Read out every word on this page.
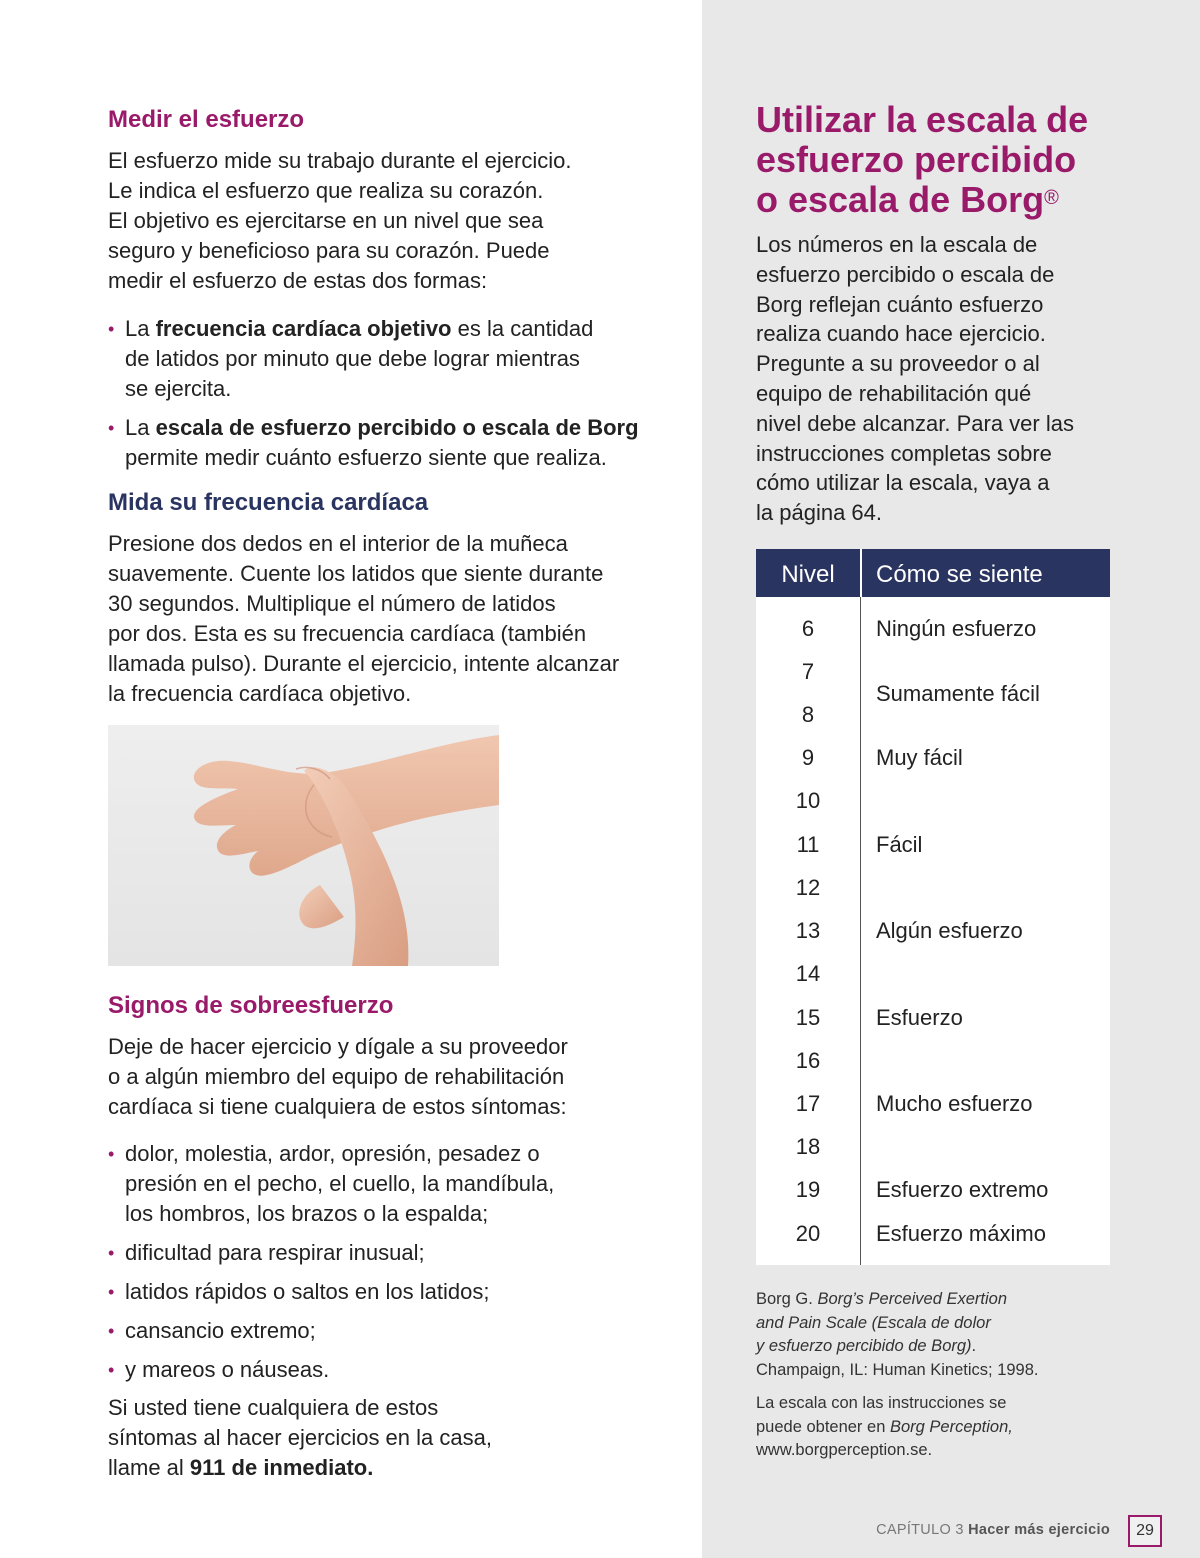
Medir el esfuerzo

El esfuerzo mide su trabajo durante el ejercicio.
Le indica el esfuerzo que realiza su corazón.
El objetivo es ejercitarse en un nivel que sea
seguro y beneficioso para su corazón. Puede
medir el esfuerzo de estas dos formas:

• La frecuencia cardíaca objetivo es la cantidad
de latidos por minuto que debe lograr mientras
se ejercita.
• La escala de esfuerzo percibido o escala de Borg
permite medir cuánto esfuerzo siente que realiza.
Mida su frecuencia cardíaca

Presione dos dedos en el interior de la muñeca
suavemente. Cuente los latidos que siente durante
30 segundos. Multiplique el número de latidos
por dos. Esta es su frecuencia cardíaca (también
llamada pulso). Durante el ejercicio, intente alcanzar
la frecuencia cardíaca objetivo.

Signos de sobreesfuerzo

Deje de hacer ejercicio y dígale a su proveedor
o a algún miembro del equipo de rehabilitación
cardíaca si tiene cualquiera de estos síntomas:

• dolor, molestia, ardor, opresión, pesadez o
presión en el pecho, el cuello, la mandíbula,
los hombros, los brazos o la espalda;
• dificultad para respirar inusual;
• latidos rápidos o saltos en los latidos;
• cansancio extremo;
• y mareos o náuseas.

Si usted tiene cualquiera de estos
síntomas al hacer ejercicios en la casa,
llame al 911 de inmediato.

Utilizar la escala de
esfuerzo percibido
o escala de Borg®

Los números en la escala de
esfuerzo percibido o escala de
Borg reflejan cuánto esfuerzo
realiza cuando hace ejercicio.
Pregunte a su proveedor o al
equipo de rehabilitación qué
nivel debe alcanzar. Para ver las
instrucciones completas sobre
cómo utilizar la escala, vaya a
la página 64.

Nivel	Cómo se siente
6
7
8
9
10
11
12
13
14
15
16
17
18
19
20
Ningún esfuerzo
Sumamente fácil
Muy fácil
Fácil
Algún esfuerzo
Esfuerzo
Mucho esfuerzo
Esfuerzo extremo
Esfuerzo máximo

Borg G. Borg’s Perceived Exertion
and Pain Scale (Escala de dolor
y esfuerzo percibido de Borg).
Champaign, IL: Human Kinetics; 1998.

La escala con las instrucciones se
puede obtener en Borg Perception,
www.borgperception.se.

CAPÍTULO 3 Hacer más ejercicio	29
